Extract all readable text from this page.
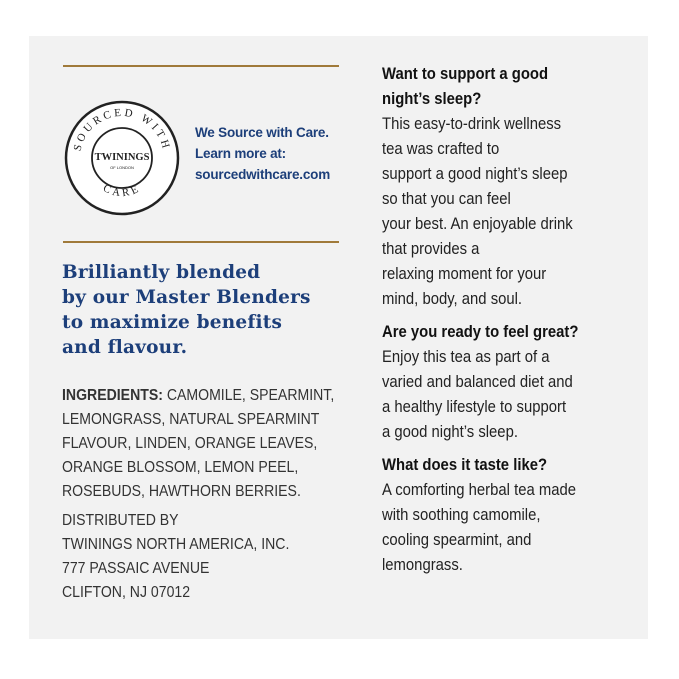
SOURCED WITH
CARE
TWININGS
OF LONDON
We Source with Care.
Learn more at:
sourcedwithcare.com
Brilliantly blended
by our Master Blenders
to maximize benefits
and flavour.
INGREDIENTS: CAMOMILE, SPEARMINT,
LEMONGRASS, NATURAL SPEARMINT
FLAVOUR, LINDEN, ORANGE LEAVES,
ORANGE BLOSSOM, LEMON PEEL,
ROSEBUDS, HAWTHORN BERRIES.
DISTRIBUTED BY
TWININGS NORTH AMERICA, INC.
777 PASSAIC AVENUE
CLIFTON, NJ 07012
Want to support a good
night’s sleep?
This easy-to-drink wellness
tea was crafted to
support a good night’s sleep
so that you can feel
your best. An enjoyable drink
that provides a
relaxing moment for your
mind, body, and soul.
Are you ready to feel great?
Enjoy this tea as part of a
varied and balanced diet and
a healthy lifestyle to support
a good night’s sleep.
What does it taste like?
A comforting herbal tea made
with soothing camomile,
cooling spearmint, and
lemongrass.
